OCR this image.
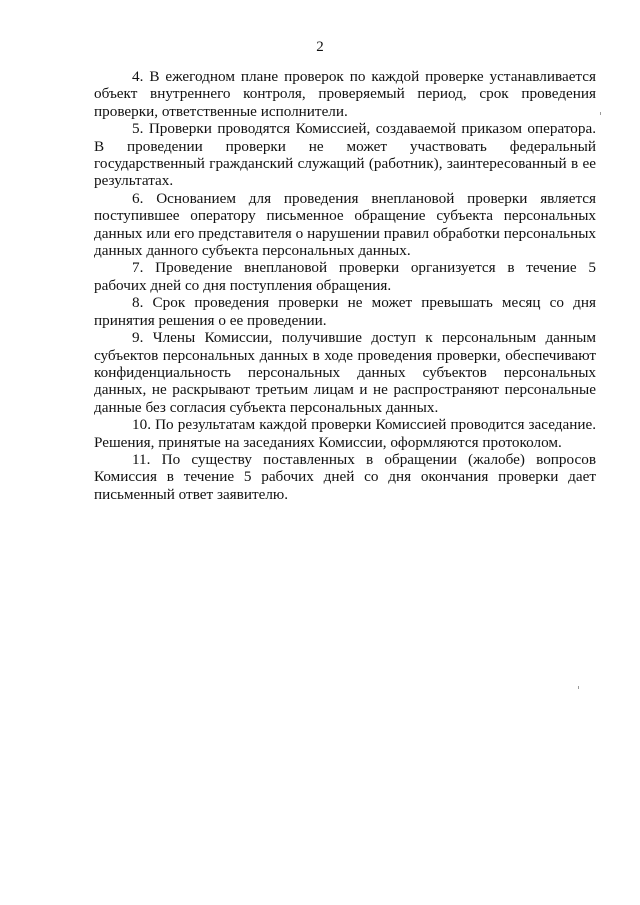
2

4. В ежегодном плане проверок по каждой проверке устанавливается объект внутреннего контроля, проверяемый период, срок проведения проверки, ответственные исполнители.

5. Проверки проводятся Комиссией, создаваемой приказом оператора. В проведении проверки не может участвовать федеральный государственный гражданский служащий (работник), заинтересованный в ее результатах.

6. Основанием для проведения внеплановой проверки является поступившее оператору письменное обращение субъекта персональных данных или его представителя о нарушении правил обработки персональных данных данного субъекта персональных данных.

7. Проведение внеплановой проверки организуется в течение 5 рабочих дней со дня поступления обращения.

8. Срок проведения проверки не может превышать месяц со дня принятия решения о ее проведении.

9. Члены Комиссии, получившие доступ к персональным данным субъектов персональных данных в ходе проведения проверки, обеспечивают конфиденциальность персональных данных субъектов персональных данных, не раскрывают третьим лицам и не распространяют персональные данные без согласия субъекта персональных данных.

10. По результатам каждой проверки Комиссией проводится заседание. Решения, принятые на заседаниях Комиссии, оформляются протоколом.

11. По существу поставленных в обращении (жалобе) вопросов Комиссия в течение 5 рабочих дней со дня окончания проверки дает письменный ответ заявителю.
